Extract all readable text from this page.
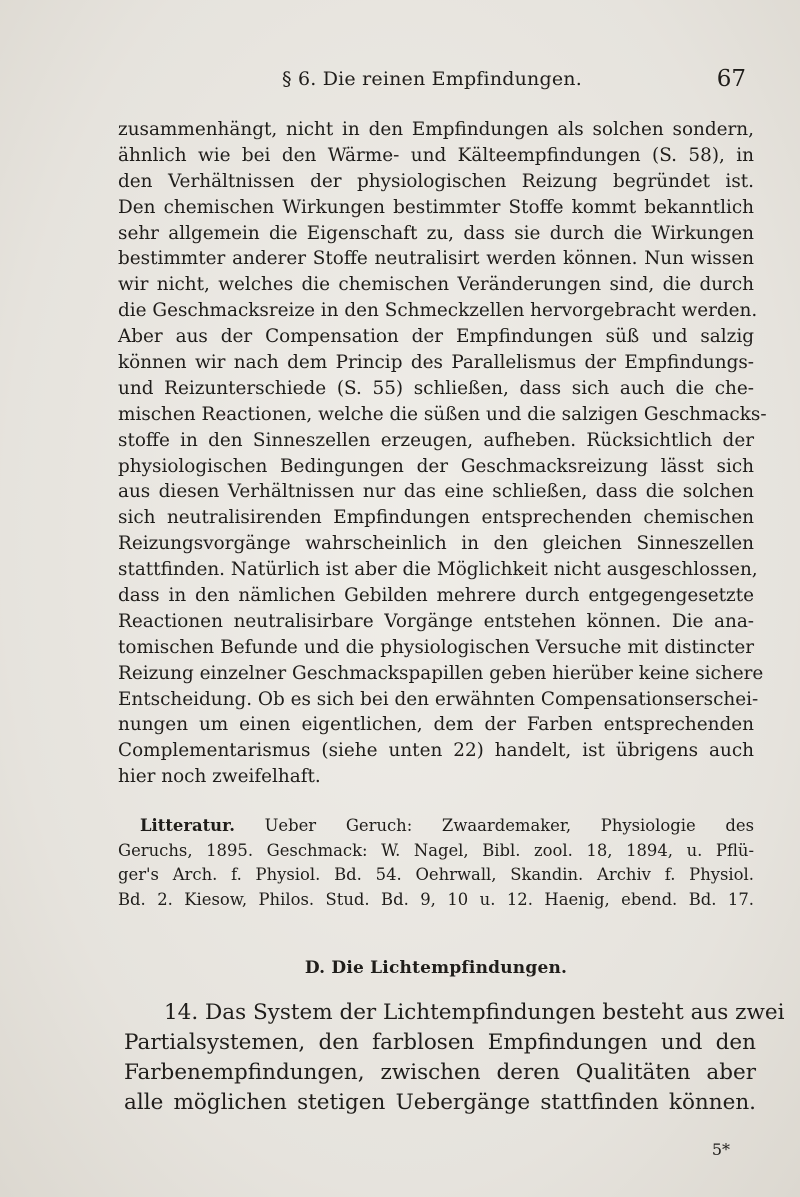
§ 6. Die reinen Empfindungen.	67
zusammenhängt, nicht in den Empfindungen als solchen sondern,
ähnlich wie bei den Wärme- und Kälteempfindungen (S. 58), in
den Verhältnissen der physiologischen Reizung begründet ist.
Den chemischen Wirkungen bestimmter Stoffe kommt bekanntlich
sehr allgemein die Eigenschaft zu, dass sie durch die Wirkungen
bestimmter anderer Stoffe neutralisirt werden können. Nun wissen
wir nicht, welches die chemischen Veränderungen sind, die durch
die Geschmacksreize in den Schmeckzellen hervorgebracht werden.
Aber aus der Compensation der Empfindungen süß und salzig
können wir nach dem Princip des Parallelismus der Empfindungs-
und Reizunterschiede (S. 55) schließen, dass sich auch die che-
mischen Reactionen, welche die süßen und die salzigen Geschmacks-
stoffe in den Sinneszellen erzeugen, aufheben. Rücksichtlich der
physiologischen Bedingungen der Geschmacksreizung lässt sich
aus diesen Verhältnissen nur das eine schließen, dass die solchen
sich neutralisirenden Empfindungen entsprechenden chemischen
Reizungsvorgänge wahrscheinlich in den gleichen Sinneszellen
stattfinden. Natürlich ist aber die Möglichkeit nicht ausgeschlossen,
dass in den nämlichen Gebilden mehrere durch entgegengesetzte
Reactionen neutralisirbare Vorgänge entstehen können. Die ana-
tomischen Befunde und die physiologischen Versuche mit distincter
Reizung einzelner Geschmackspapillen geben hierüber keine sichere
Entscheidung. Ob es sich bei den erwähnten Compensationserschei-
nungen um einen eigentlichen, dem der Farben entsprechenden
Complementarismus (siehe unten 22) handelt, ist übrigens auch
hier noch zweifelhaft.
Litteratur. Ueber Geruch: Zwaardemaker, Physiologie des
Geruchs, 1895. Geschmack: W. Nagel, Bibl. zool. 18, 1894, u. Pflü-
ger's Arch. f. Physiol. Bd. 54. Oehrwall, Skandin. Archiv f. Physiol.
Bd. 2. Kiesow, Philos. Stud. Bd. 9, 10 u. 12. Haenig, ebend. Bd. 17.
D. Die Lichtempfindungen.
14. Das System der Lichtempfindungen besteht aus zwei
Partialsystemen, den farblosen Empfindungen und den
Farbenempfindungen, zwischen deren Qualitäten aber
alle möglichen stetigen Uebergänge stattfinden können.
5*
